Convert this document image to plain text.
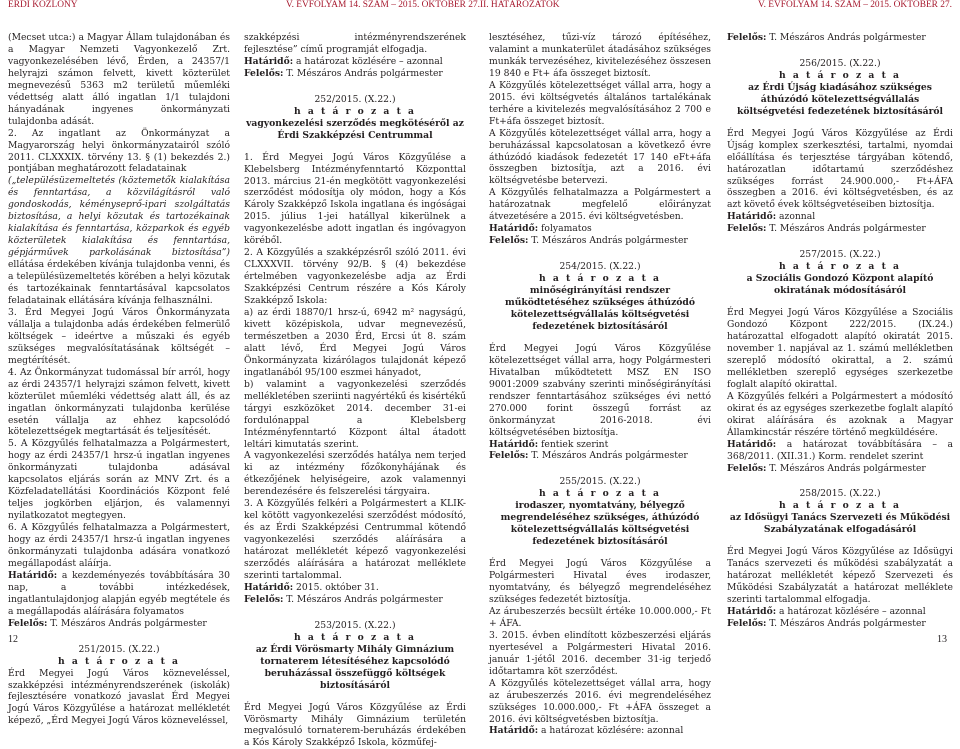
ÉRDI KÖZLÖNY	V. ÉVFOLYAM 14. SZÁM – 2015. OKTÓBER 27. II. HATÁROZATOK	V. ÉVFOLYAM 14. SZÁM – 2015. OKTÓBER 27.

(Mecset utca:) a Magyar Állam tulajdonában és a Magyar Nemzeti Vagyonkezelő Zrt. vagyonkezelésében lévő, Érden, a 24357/1 helyrajzi számon felvett, kivett közterület megnevezésű 5363 m2 területű műemléki védettség alatt álló ingatlan 1/1 tulajdoni hányadának ingyenes önkormányzati tulajdonba adását.

2. Az ingatlant az Önkormányzat a Magyarország helyi önkormányzatairól szóló 2011. CLXXXIX. törvény 13. § (1) bekezdés 2.) pontjában meghatározott feladatainak

(„településüzemeltetés (köztemetők kialakítása és fenntartása, a közvilágításról való gondoskodás, kéményseprő-ipari szolgáltatás biztosítása, a helyi közutak és tartozékainak kialakítása és fenntartása, közparkok és egyéb közterületek kialakítása és fenntartása, gépjárművek parkolásának biztosítása”) ellátása érdekében kívánja tulajdonba venni, és a településüzemeltetés körében a helyi közutak és tartozékainak fenntartásával kapcsolatos feladatainak ellátására kívánja felhasználni.

3. Érd Megyei Jogú Város Önkormányzata vállalja a tulajdonba adás érdekében felmerülő költségek – ideértve a műszaki és egyéb szükséges megvalósítatásának költségét – megtérítését.

4. Az Önkormányzat tudomással bír arról, hogy az érdi 24357/1 helyrajzi számon felvett, kivett közterület műemléki védettség alatt áll, és az ingatlan önkormányzati tulajdonba kerülése esetén vállalja az ehhez kapcsolódó kötelezettségek megtartását és teljesítését.

5. A Közgyűlés felhatalmazza a Polgármestert, hogy az érdi 24357/1 hrsz-ú ingatlan ingyenes önkormányzati tulajdonba adásával kapcsolatos eljárás során az MNV Zrt. és a Közfeladatellátási Koordinációs Központ felé teljes jogkörben eljárjon, és valamennyi nyilatkozatot megtegyen.

6. A Közgyűlés felhatalmazza a Polgármestert, hogy az érdi 24357/1 hrsz-ú ingatlan ingyenes önkormányzati tulajdonba adására vonatkozó megállapodást aláírja.

Határidő: a kezdeményezés továbbítására 30 nap, a további intézkedések, ingatlantulajdonjog alapján egyéb megtétele és a megállapodás aláírására folyamatos

Felelős: T. Mészáros András polgármester

251/2015. (X.22.)

h a t á r o z a t a

Érd Megyei Jogú Város közneveléssel, szakképzési intézményrendszerének (iskolák) fejlesztésére vonatkozó javaslat Érd Megyei Jogú Város Közgyűlése a határozat mellékletét képező, „Érd Megyei Jogú Város közneveléssel,

szakképzési intézményrendszerének fejlesztése” című programját elfogadja.

Határidő: a határozat közlésére – azonnal

Felelős: T. Mészáros András polgármester

252/2015. (X.22.)

h a t á r o z a t a

vagyonkezelési szerződés megkötéséről az Érdi Szakképzési Centrummal

1. Érd Megyei Jogú Város Közgyűlése a Klebelsberg Intézményfenntartó Központtal 2013. március 21-én megkötött vagyonkezelési szerződést módosítja oly módon, hogy a Kós Károly Szakképző Iskola ingatlana és ingóságai 2015. július 1-jei hatállyal kikerülnek a vagyonkezelésbe adott ingatlan és ingóvagyon köréből.

2. A Közgyűlés a szakképzésről szóló 2011. évi CLXXXVII. törvény 92/B. § (4) bekezdése értelmében vagyonkezelésbe adja az Érdi Szakképzési Centrum részére a Kós Károly Szakképző Iskola:

a) az érdi 18870/1 hrsz-ú, 6942 m² nagyságú, kivett középiskola, udvar megnevezésű, természetben a 2030 Érd, Ercsi út 8. szám alatt lévő, Érd Megyei Jogú Város Önkormányzata kizárólagos tulajdonát képező ingatlanából 95/100 eszmei hányadot,

b) valamint a vagyonkezelési szerződés mellékletében szeriinti nagyértékű és kisértékű tárgyi eszközöket 2014. december 31-ei fordulónappal a Klebelsberg Intézményfenntartó Központ által átadott leltári kimutatás szerint.

A vagyonkezelési szerződés hatálya nem terjed ki az intézmény főzőkonyhájának és étkezőjének helyiségeire, azok valamennyi berendezésére és felszerelési tárgyaira.

3. A Közgyűlés felkéri a Polgármestert a KLIK-kel kötött vagyonkezelési szerződést módosító, és az Érdi Szakképzési Centrummal kötendő vagyonkezelési szerződés aláírására a határozat mellékletét képező vagyonkezelési szerződés aláírására a határozat melléklete szerinti tartalommal.

Határidő: 2015. október 31.

Felelős: T. Mészáros András polgármester

253/2015. (X.22.)

h a t á r o z a t a

az Érdi Vörösmarty Mihály Gimnázium tornaterem létesítéséhez kapcsolódó beruházással összefüggő költségek biztosításáról

Érd Megyei Jogú Város Közgyűlése az Érdi Vörösmarty Mihály Gimnázium területén megvalósuló tornaterem-beruházás érdekében a Kós Károly Szakképző Iskola, közműfej-

lesztéséhez, tűzi-víz tározó építéséhez, valamint a munkaterület átadásához szükséges munkák tervezéséhez, kivitelezéséhez összesen 19 840 e Ft+ áfa összeget biztosít.

A Közgyűlés kötelezettséget vállal arra, hogy a 2015. évi költségvetés általános tartalékának terhére a kivitelezés megvalósításához 2 700 e Ft+áfa összeget biztosít.

A Közgyűlés kötelezettséget vállal arra, hogy a beruházással kapcsolatosan a következő évre áthúzódó kiadások fedezetét 17 140 eFt+áfa összegben biztosítja, azt a 2016. évi költségvetésbe betervezi.

A Közgyűlés felhatalmazza a Polgármestert a határozatnak megfelelő előirányzat átvezetésére a 2015. évi költségvetésben.

Határidő: folyamatos

Felelős: T. Mészáros András polgármester

254/2015. (X.22.)

h a t á r o z a t a

minőségirányítási rendszer működtetéséhez szükséges áthúzódó kötelezettségvállalás költségvetési fedezetének biztosításáról

Érd Megyei Jogú Város Közgyűlése kötelezettséget vállal arra, hogy Polgármesteri Hivatalban működtetett MSZ EN ISO 9001:2009 szabvány szerinti minőségirányítási rendszer fenntartásához szükséges évi nettó 270.000 forint összegű forrást az önkormányzat 2016-2018. évi költségvetésében biztosítja.

Határidő: fentiek szerint

Felelős: T. Mészáros András polgármester

255/2015. (X.22.)

h a t á r o z a t a

irodaszer, nyomtatvány, bélyegző megrendeléséhez szükséges, áthúzódó kötelezettségvállalás költségvetési fedezetének biztosításáról

Érd Megyei Jogú Város Közgyűlése a Polgármesteri Hivatal éves irodaszer, nyomtatvány, és bélyegző megrendeléséhez szükséges fedezetét biztosítja.

Az árubeszerzés becsült értéke 10.000.000,- Ft + ÁFA.

3. 2015. évben elindított közbeszerzési eljárás nyertesével a Polgármesteri Hivatal 2016. január 1-jétől 2016. december 31-ig terjedő időtartamra köt szerződést.

A Közgyűlés kötelezettséget vállal arra, hogy az árubeszerzés 2016. évi megrendeléséhez szükséges 10.000.000,- Ft +ÁFA összeget a 2016. évi költségvetésben biztosítja.

Határidő: a határozat közlésére: azonnal

Felelős: T. Mészáros András polgármester

256/2015. (X.22.)

h a t á r o z a t a

az Érdi Újság kiadásához szükséges áthúzódó kötelezettségvállalás költségvetési fedezetének biztosításáról

Érd Megyei Jogú Város Közgyűlése az Érdi Újság komplex szerkesztési, tartalmi, nyomdai előállítása és terjesztése tárgyában kötendő, határozatlan időtartamú szerződéshez szükséges forrást 24.900.000,- Ft+ÁFA összegben a 2016. évi költségvetésben, és az azt követő évek költségvetéseiben biztosítja.

Határidő: azonnal

Felelős: T. Mészáros András polgármester

257/2015. (X.22.)

h a t á r o z a t a

a Szociális Gondozó Központ alapító okiratának módosításáról

Érd Megyei Jogú Város Közgyűlése a Szociális Gondozó Központ 222/2015. (IX.24.) határozattal elfogadott alapító okiratát 2015. november 1. napjával az 1. számú mellékletben szereplő módosító okirattal, a 2. számú mellékletben szereplő egységes szerkezetbe foglalt alapító okirattal.

A Közgyűlés felkéri a Polgármestert a módosító okirat és az egységes szerkezetbe foglalt alapító okirat aláírására és azoknak a Magyar Államkincstár részére történő megküldésére.

Határidő: a határozat továbbítására – a 368/2011. (XII.31.) Korm. rendelet szerint

Felelős: T. Mészáros András polgármester

258/2015. (X.22.)

h a t á r o z a t a

az Idősügyi Tanács Szervezeti és Működési Szabályzatának elfogadásáról

Érd Megyei Jogú Város Közgyűlése az Idősügyi Tanács szervezeti és működési szabályzatát a határozat mellékletét képező Szervezeti és Működési Szabályzatát a határozat melléklete szerinti tartalommal elfogadja.

Határidő: a határozat közlésére – azonnal

Felelős: T. Mészáros András polgármester

12	13
